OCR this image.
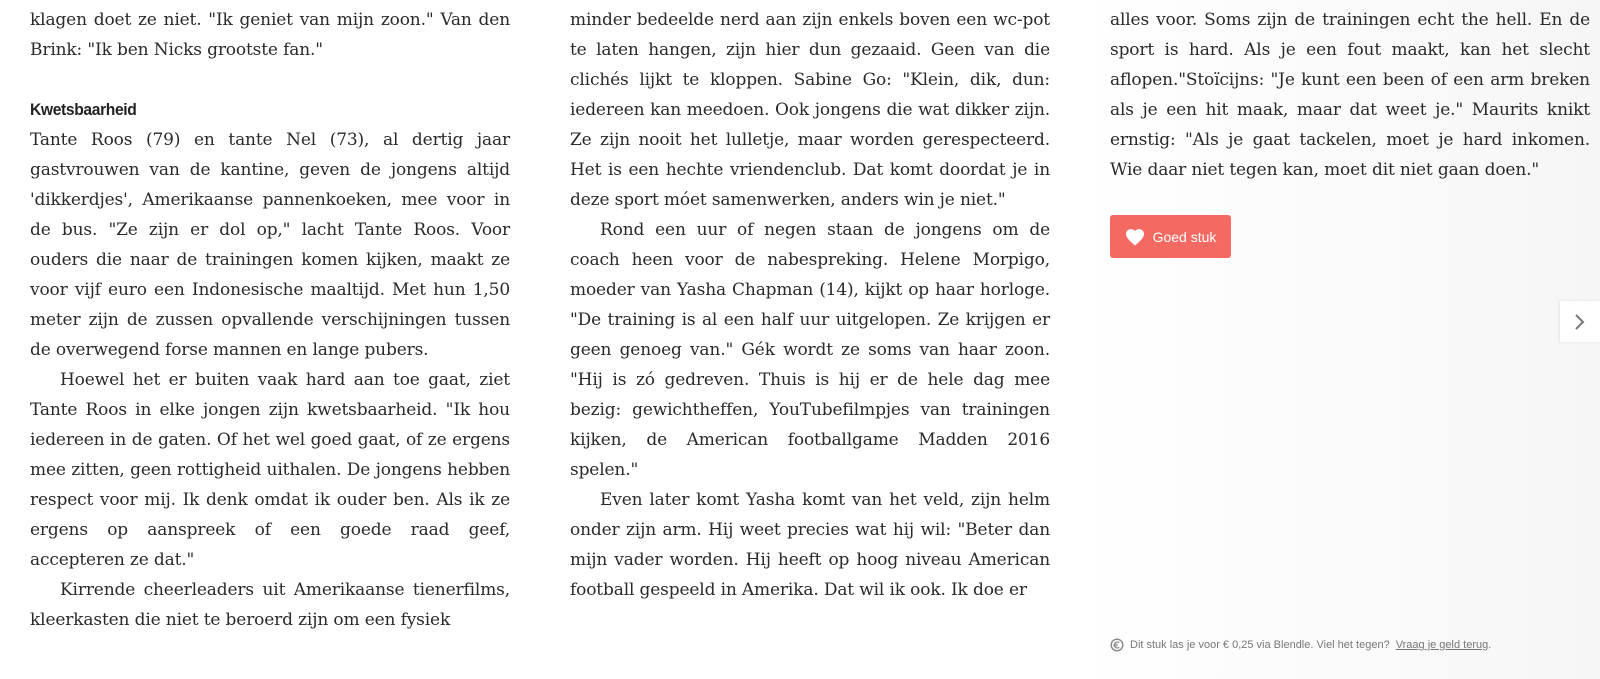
klagen doet ze niet. "Ik geniet van mijn zoon." Van den Brink: "Ik ben Nicks grootste fan."

Kwetsbaarheid

Tante Roos (79) en tante Nel (73), al dertig jaar gastvrouwen van de kantine, geven de jongens altijd 'dikkerdjes', Amerikaanse pannenkoeken, mee voor in de bus. "Ze zijn er dol op," lacht Tante Roos. Voor ouders die naar de trainingen komen kijken, maakt ze voor vijf euro een Indonesische maaltijd. Met hun 1,50 meter zijn de zussen opvallende verschijningen tussen de overwegend forse mannen en lange pubers.

Hoewel het er buiten vaak hard aan toe gaat, ziet Tante Roos in elke jongen zijn kwetsbaarheid. "Ik hou iedereen in de gaten. Of het wel goed gaat, of ze ergens mee zitten, geen rottigheid uithalen. De jongens hebben respect voor mij. Ik denk omdat ik ouder ben. Als ik ze ergens op aanspreek of een goede raad geef, accepteren ze dat."

Kirrende cheerleaders uit Amerikaanse tienerfilms, kleerkasten die niet te beroerd zijn om een fysiek

minder bedeelde nerd aan zijn enkels boven een wc-pot te laten hangen, zijn hier dun gezaaid. Geen van die clichés lijkt te kloppen. Sabine Go: "Klein, dik, dun: iedereen kan meedoen. Ook jongens die wat dikker zijn. Ze zijn nooit het lulletje, maar worden gerespecteerd. Het is een hechte vriendenclub. Dat komt doordat je in deze sport móet samenwerken, anders win je niet."

Rond een uur of negen staan de jongens om de coach heen voor de nabespreking. Helene Morpigo, moeder van Yasha Chapman (14), kijkt op haar horloge. "De training is al een half uur uitgelopen. Ze krijgen er geen genoeg van." Gék wordt ze soms van haar zoon. "Hij is zó gedreven. Thuis is hij er de hele dag mee bezig: gewichtheffen, YouTubefilmpjes van trainingen kijken, de American footballgame Madden 2016 spelen."

Even later komt Yasha komt van het veld, zijn helm onder zijn arm. Hij weet precies wat hij wil: "Beter dan mijn vader worden. Hij heeft op hoog niveau American football gespeeld in Amerika. Dat wil ik ook. Ik doe er

alles voor. Soms zijn de trainingen echt the hell. En de sport is hard. Als je een fout maakt, kan het slecht aflopen."Stoïcijns: "Je kunt een been of een arm breken als je een hit maak, maar dat weet je." Maurits knikt ernstig: "Als je gaat tackelen, moet je hard inkomen. Wie daar niet tegen kan, moet dit niet gaan doen."

Goed stuk
Dit stuk las je voor € 0,25 via Blendle. Viel het tegen? Vraag je geld terug.
